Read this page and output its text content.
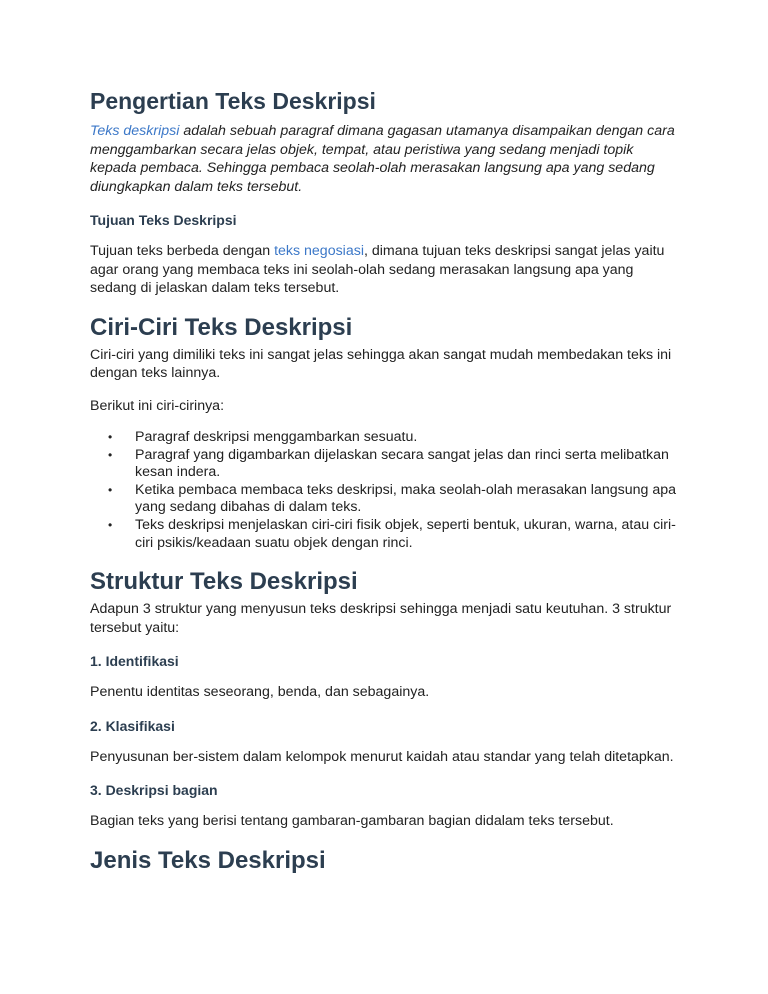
Pengertian Teks Deskripsi

Teks deskripsi adalah sebuah paragraf dimana gagasan utamanya disampaikan dengan cara menggambarkan secara jelas objek, tempat, atau peristiwa yang sedang menjadi topik kepada pembaca. Sehingga pembaca seolah-olah merasakan langsung apa yang sedang diungkapkan dalam teks tersebut.

Tujuan Teks Deskripsi

Tujuan teks berbeda dengan teks negosiasi, dimana tujuan teks deskripsi sangat jelas yaitu agar orang yang membaca teks ini seolah-olah sedang merasakan langsung apa yang sedang di jelaskan dalam teks tersebut.

Ciri-Ciri Teks Deskripsi

Ciri-ciri yang dimiliki teks ini sangat jelas sehingga akan sangat mudah membedakan teks ini dengan teks lainnya.

Berikut ini ciri-cirinya:

• Paragraf deskripsi menggambarkan sesuatu.
• Paragraf yang digambarkan dijelaskan secara sangat jelas dan rinci serta melibatkan kesan indera.
• Ketika pembaca membaca teks deskripsi, maka seolah-olah merasakan langsung apa yang sedang dibahas di dalam teks.
• Teks deskripsi menjelaskan ciri-ciri fisik objek, seperti bentuk, ukuran, warna, atau ciri-ciri psikis/keadaan suatu objek dengan rinci.
Struktur Teks Deskripsi

Adapun 3 struktur yang menyusun teks deskripsi sehingga menjadi satu keutuhan. 3 struktur tersebut yaitu:

1. Identifikasi

Penentu identitas seseorang, benda, dan sebagainya.

2. Klasifikasi

Penyusunan ber-sistem dalam kelompok menurut kaidah atau standar yang telah ditetapkan.

3. Deskripsi bagian

Bagian teks yang berisi tentang gambaran-gambaran bagian didalam teks tersebut.

Jenis Teks Deskripsi
